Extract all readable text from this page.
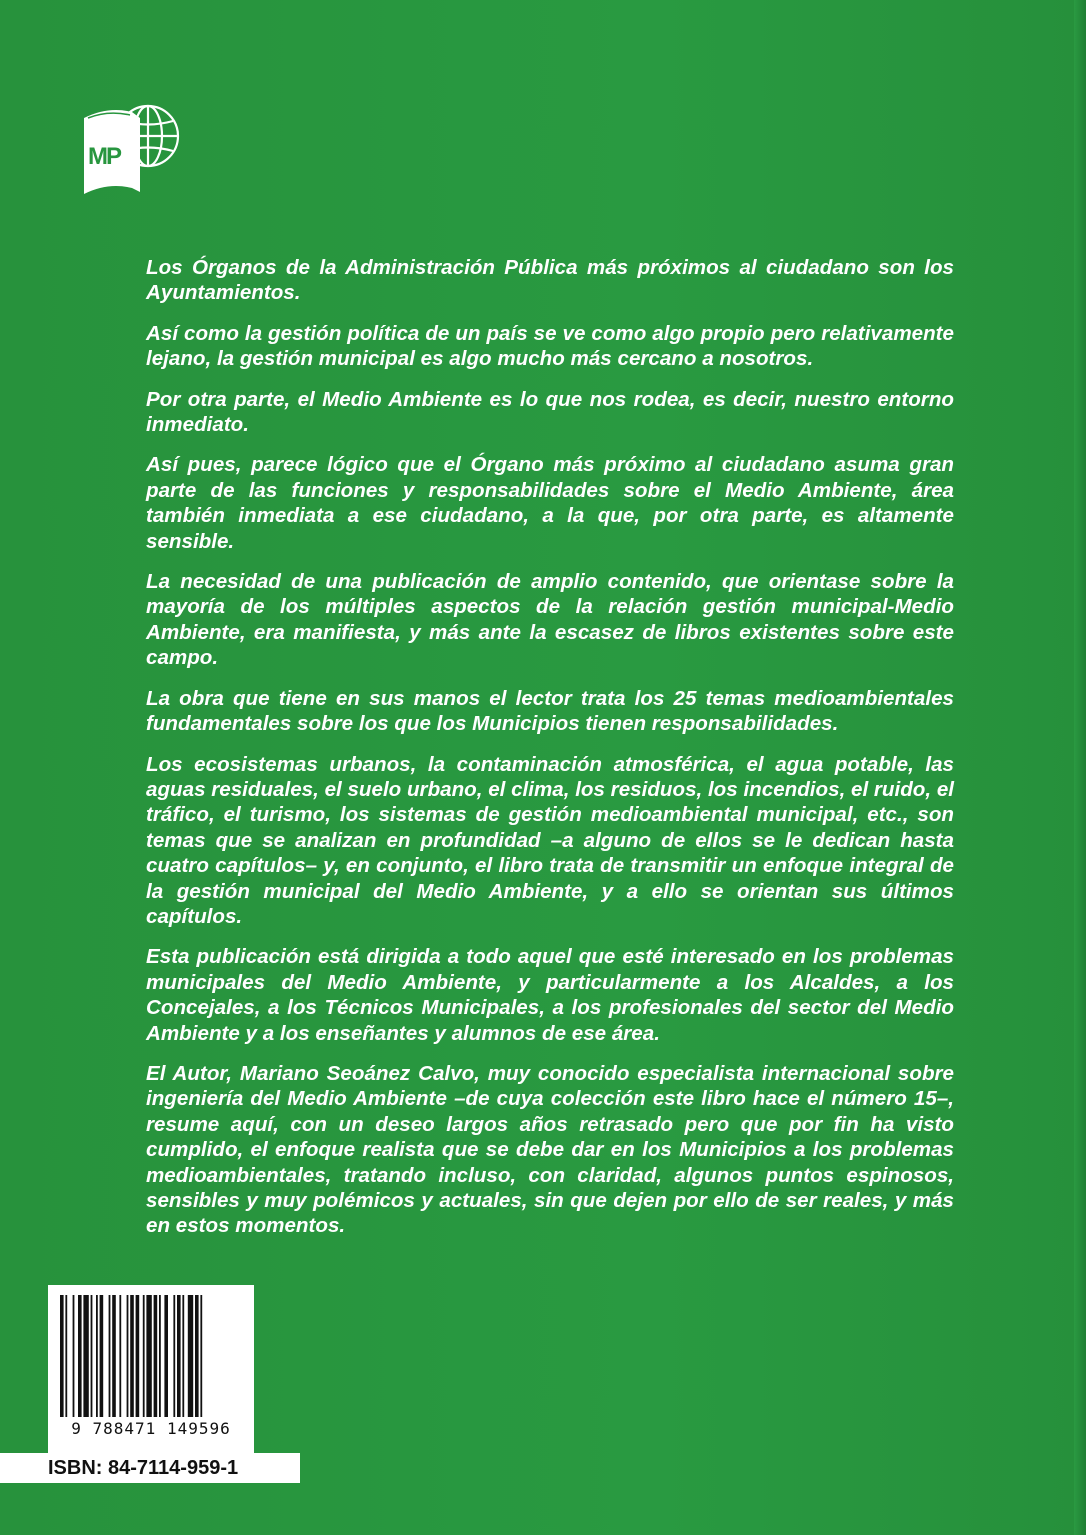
MP

Los Órganos de la Administración Pública más próximos al ciudadano son los Ayuntamientos.

Así como la gestión política de un país se ve como algo propio pero relativamente lejano, la gestión municipal es algo mucho más cercano a nosotros.

Por otra parte, el Medio Ambiente es lo que nos rodea, es decir, nuestro entorno inmediato.

Así pues, parece lógico que el Órgano más próximo al ciudadano asuma gran parte de las funciones y responsabilidades sobre el Medio Ambiente, área también inmediata a ese ciudadano, a la que, por otra parte, es altamente sensible.

La necesidad de una publicación de amplio contenido, que orientase sobre la mayoría de los múltiples aspectos de la relación gestión municipal-Medio Ambiente, era manifiesta, y más ante la escasez de libros existentes sobre este campo.

La obra que tiene en sus manos el lector trata los 25 temas medioambientales fundamentales sobre los que los Municipios tienen responsabilidades.

Los ecosistemas urbanos, la contaminación atmosférica, el agua potable, las aguas residuales, el suelo urbano, el clima, los residuos, los incendios, el ruido, el tráfico, el turismo, los sistemas de gestión medioambiental municipal, etc., son temas que se analizan en profundidad –a alguno de ellos se le dedican hasta cuatro capítulos– y, en conjunto, el libro trata de transmitir un enfoque integral de la gestión municipal del Medio Ambiente, y a ello se orientan sus últimos capítulos.

Esta publicación está dirigida a todo aquel que esté interesado en los problemas municipales del Medio Ambiente, y particularmente a los Alcaldes, a los Concejales, a los Técnicos Municipales, a los profesionales del sector del Medio Ambiente y a los enseñantes y alumnos de ese área.

El Autor, Mariano Seoánez Calvo, muy conocido especialista internacional sobre ingeniería del Medio Ambiente –de cuya colección este libro hace el número 15–, resume aquí, con un deseo largos años retrasado pero que por fin ha visto cumplido, el enfoque realista que se debe dar en los Municipios a los problemas medioambientales, tratando incluso, con claridad, algunos puntos espinosos, sensibles y muy polémicos y actuales, sin que dejen por ello de ser reales, y más en estos momentos.

9 788471 149596
ISBN: 84-7114-959-1
